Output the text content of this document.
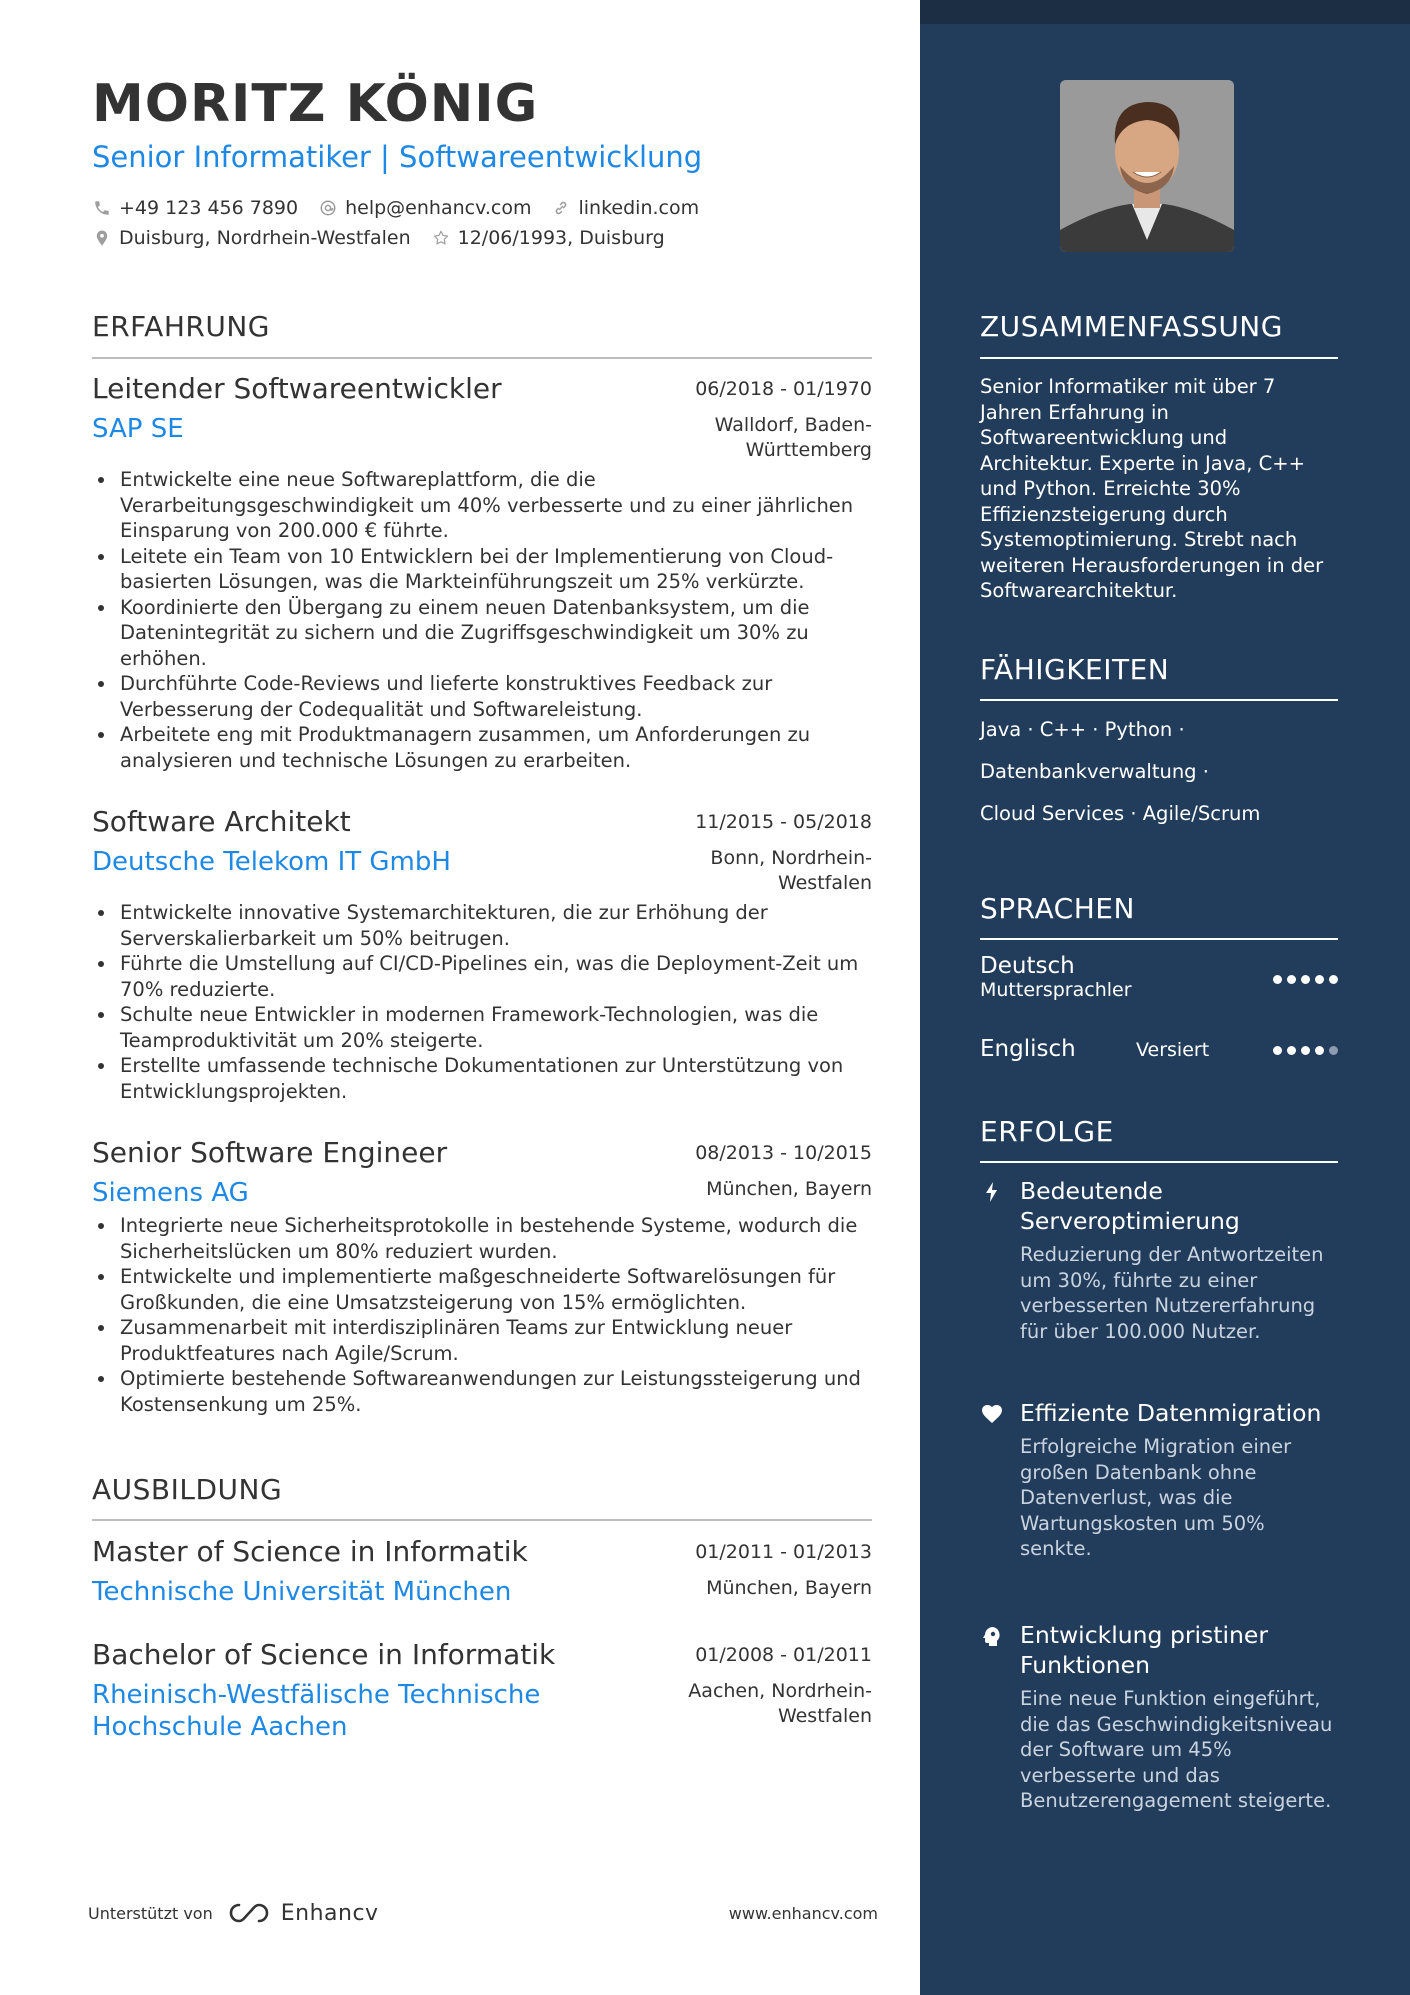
MORITZ KÖNIG
Senior Informatiker | Softwareentwicklung
+49 123 456 7890 help@enhancv.com linkedin.com
Duisburg, Nordrhein-Westfalen 12/06/1993, Duisburg
ERFAHRUNG
Leitender Softwareentwickler	06/2018 - 01/1970
SAP SE	Walldorf, Baden-Württemberg
Entwickelte eine neue Softwareplattform, die die Verarbeitungsgeschwindigkeit um 40% verbesserte und zu einer jährlichen Einsparung von 200.000 € führte.
Leitete ein Team von 10 Entwicklern bei der Implementierung von Cloud-basierten Lösungen, was die Markteinführungszeit um 25% verkürzte.
Koordinierte den Übergang zu einem neuen Datenbanksystem, um die Datenintegrität zu sichern und die Zugriffsgeschwindigkeit um 30% zu erhöhen.
Durchführte Code-Reviews und lieferte konstruktives Feedback zur Verbesserung der Codequalität und Softwareleistung.
Arbeitete eng mit Produktmanagern zusammen, um Anforderungen zu analysieren und technische Lösungen zu erarbeiten.
Software Architekt	11/2015 - 05/2018
Deutsche Telekom IT GmbH	Bonn, Nordrhein-Westfalen
Entwickelte innovative Systemarchitekturen, die zur Erhöhung der Serverskalierbarkeit um 50% beitrugen.
Führte die Umstellung auf CI/CD-Pipelines ein, was die Deployment-Zeit um 70% reduzierte.
Schulte neue Entwickler in modernen Framework-Technologien, was die Teamproduktivität um 20% steigerte.
Erstellte umfassende technische Dokumentationen zur Unterstützung von Entwicklungsprojekten.
Senior Software Engineer	08/2013 - 10/2015
Siemens AG	München, Bayern
Integrierte neue Sicherheitsprotokolle in bestehende Systeme, wodurch die Sicherheitslücken um 80% reduziert wurden.
Entwickelte und implementierte maßgeschneiderte Softwarelösungen für Großkunden, die eine Umsatzsteigerung von 15% ermöglichten.
Zusammenarbeit mit interdisziplinären Teams zur Entwicklung neuer Produktfeatures nach Agile/Scrum.
Optimierte bestehende Softwareanwendungen zur Leistungssteigerung und Kostensenkung um 25%.
AUSBILDUNG
Master of Science in Informatik	01/2011 - 01/2013
Technische Universität München	München, Bayern
Bachelor of Science in Informatik	01/2008 - 01/2011
Rheinisch-Westfälische Technische Hochschule Aachen
Aachen, Nordrhein-Westfalen
Unterstützt von	Enhancv	www.enhancv.com
ZUSAMMENFASSUNG
Senior Informatiker mit über 7 Jahren Erfahrung in Softwareentwicklung und Architektur. Experte in Java, C++ und Python. Erreichte 30% Effizienzsteigerung durch Systemoptimierung. Strebt nach weiteren Herausforderungen in der Softwarearchitektur.
FÄHIGKEITEN
Java · C++ · Python ·
Datenbankverwaltung ·
Cloud Services · Agile/Scrum
SPRACHEN
Deutsch
Muttersprachler
Englisch	Versiert
ERFOLGE
Bedeutende Serveroptimierung
Reduzierung der Antwortzeiten um 30%, führte zu einer verbesserten Nutzererfahrung für über 100.000 Nutzer.
Effiziente Datenmigration
Erfolgreiche Migration einer großen Datenbank ohne Datenverlust, was die Wartungskosten um 50% senkte.
Entwicklung pristiner Funktionen
Eine neue Funktion eingeführt, die das Geschwindigkeitsniveau der Software um 45% verbesserte und das Benutzerengagement steigerte.
